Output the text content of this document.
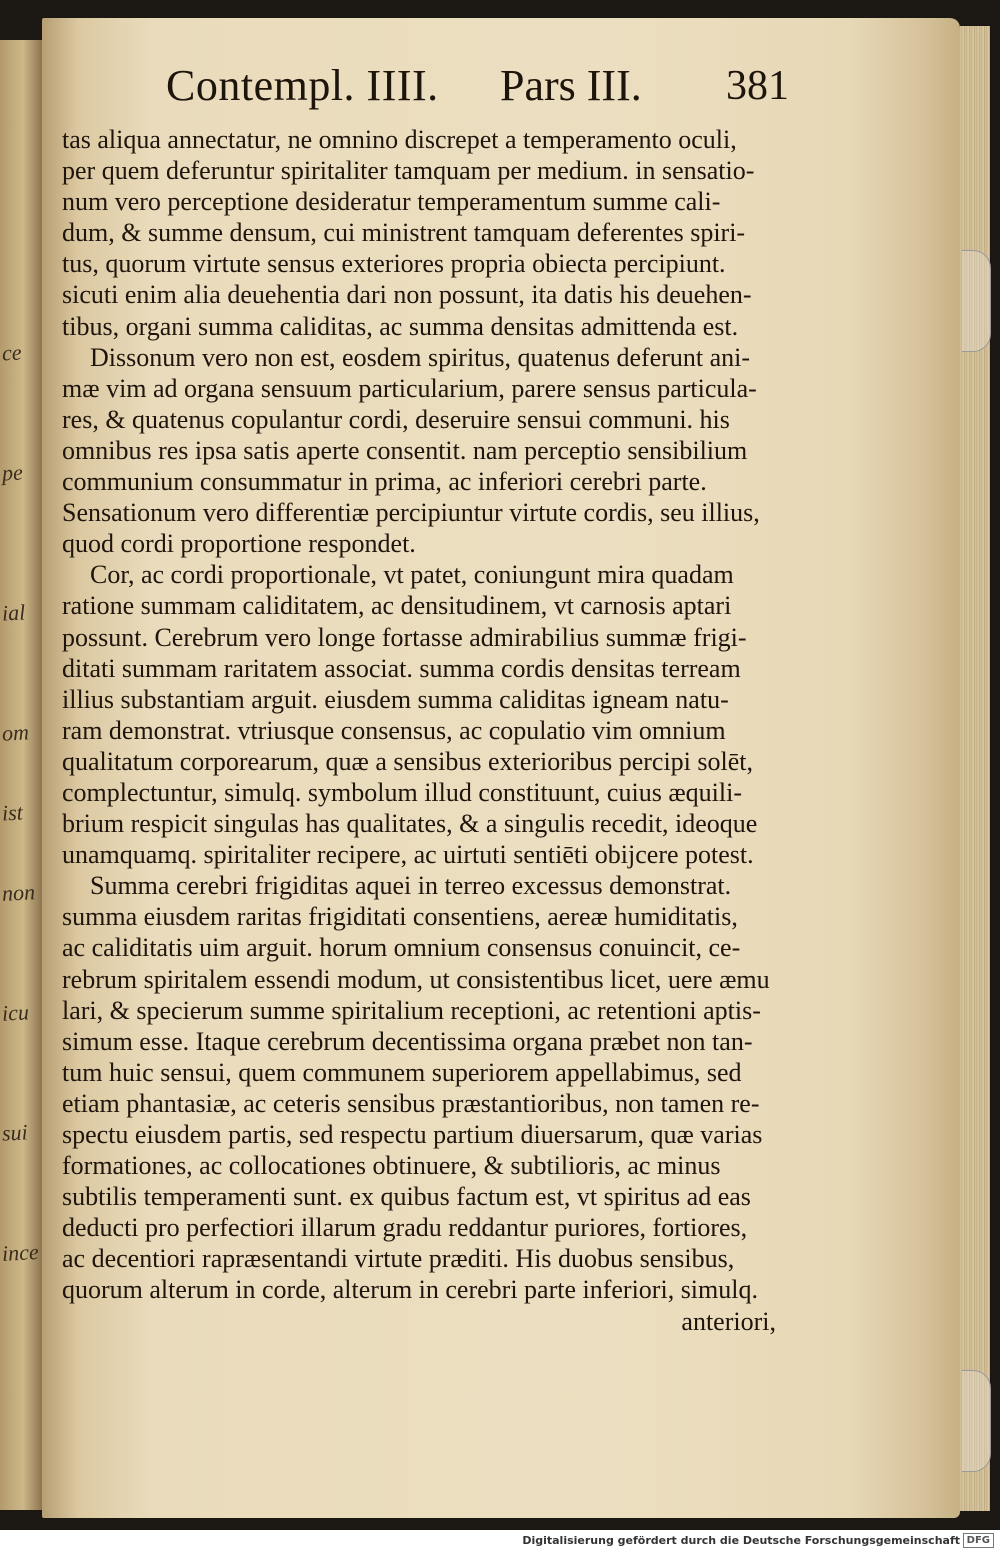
ce
pe
ial
om
ist
non
icu
sui
ince
Contempl. IIII. Pars III. 381
tas aliqua annectatur, ne omnino discrepet a temperamento oculi,
per quem deferuntur spiritaliter tamquam per medium. in sensatio-
num vero perceptione desideratur temperamentum summe cali-
dum, & summe densum, cui ministrent tamquam deferentes spiri-
tus, quorum virtute sensus exteriores propria obiecta percipiunt.
sicuti enim alia deuehentia dari non possunt, ita datis his deuehen-
tibus, organi summa caliditas, ac summa densitas admittenda est.
Dissonum vero non est, eosdem spiritus, quatenus deferunt ani-
mæ vim ad organa sensuum particularium, parere sensus particula-
res, & quatenus copulantur cordi, deseruire sensui communi. his
omnibus res ipsa satis aperte consentit. nam perceptio sensibilium
communium consummatur in prima, ac inferiori cerebri parte.
Sensationum vero differentiæ percipiuntur virtute cordis, seu illius,
quod cordi proportione respondet.
Cor, ac cordi proportionale, vt patet, coniungunt mira quadam
ratione summam caliditatem, ac densitudinem, vt carnosis aptari
possunt. Cerebrum vero longe fortasse admirabilius summæ frigi-
ditati summam raritatem associat. summa cordis densitas terream
illius substantiam arguit. eiusdem summa caliditas igneam natu-
ram demonstrat. vtriusque consensus, ac copulatio vim omnium
qualitatum corporearum, quæ a sensibus exterioribus percipi solēt,
complectuntur, simulq. symbolum illud constituunt, cuius æquili-
brium respicit singulas has qualitates, & a singulis recedit, ideoque
unamquamq. spiritaliter recipere, ac uirtuti sentiēti obijcere potest.
Summa cerebri frigiditas aquei in terreo excessus demonstrat.
summa eiusdem raritas frigiditati consentiens, aereæ humiditatis,
ac caliditatis uim arguit. horum omnium consensus conuincit, ce-
rebrum spiritalem essendi modum, ut consistentibus licet, uere æmu
lari, & specierum summe spiritalium receptioni, ac retentioni aptis-
simum esse. Itaque cerebrum decentissima organa præbet non tan-
tum huic sensui, quem communem superiorem appellabimus, sed
etiam phantasiæ, ac ceteris sensibus præstantioribus, non tamen re-
spectu eiusdem partis, sed respectu partium diuersarum, quæ varias
formationes, ac collocationes obtinuere, & subtilioris, ac minus
subtilis temperamenti sunt. ex quibus factum est, vt spiritus ad eas
deducti pro perfectiori illarum gradu reddantur puriores, fortiores,
ac decentiori rapræsentandi virtute præditi. His duobus sensibus,
quorum alterum in corde, alterum in cerebri parte inferiori, simulq.
anteriori,
Digitalisierung gefördert durch die Deutsche Forschungsgemeinschaft DFG
